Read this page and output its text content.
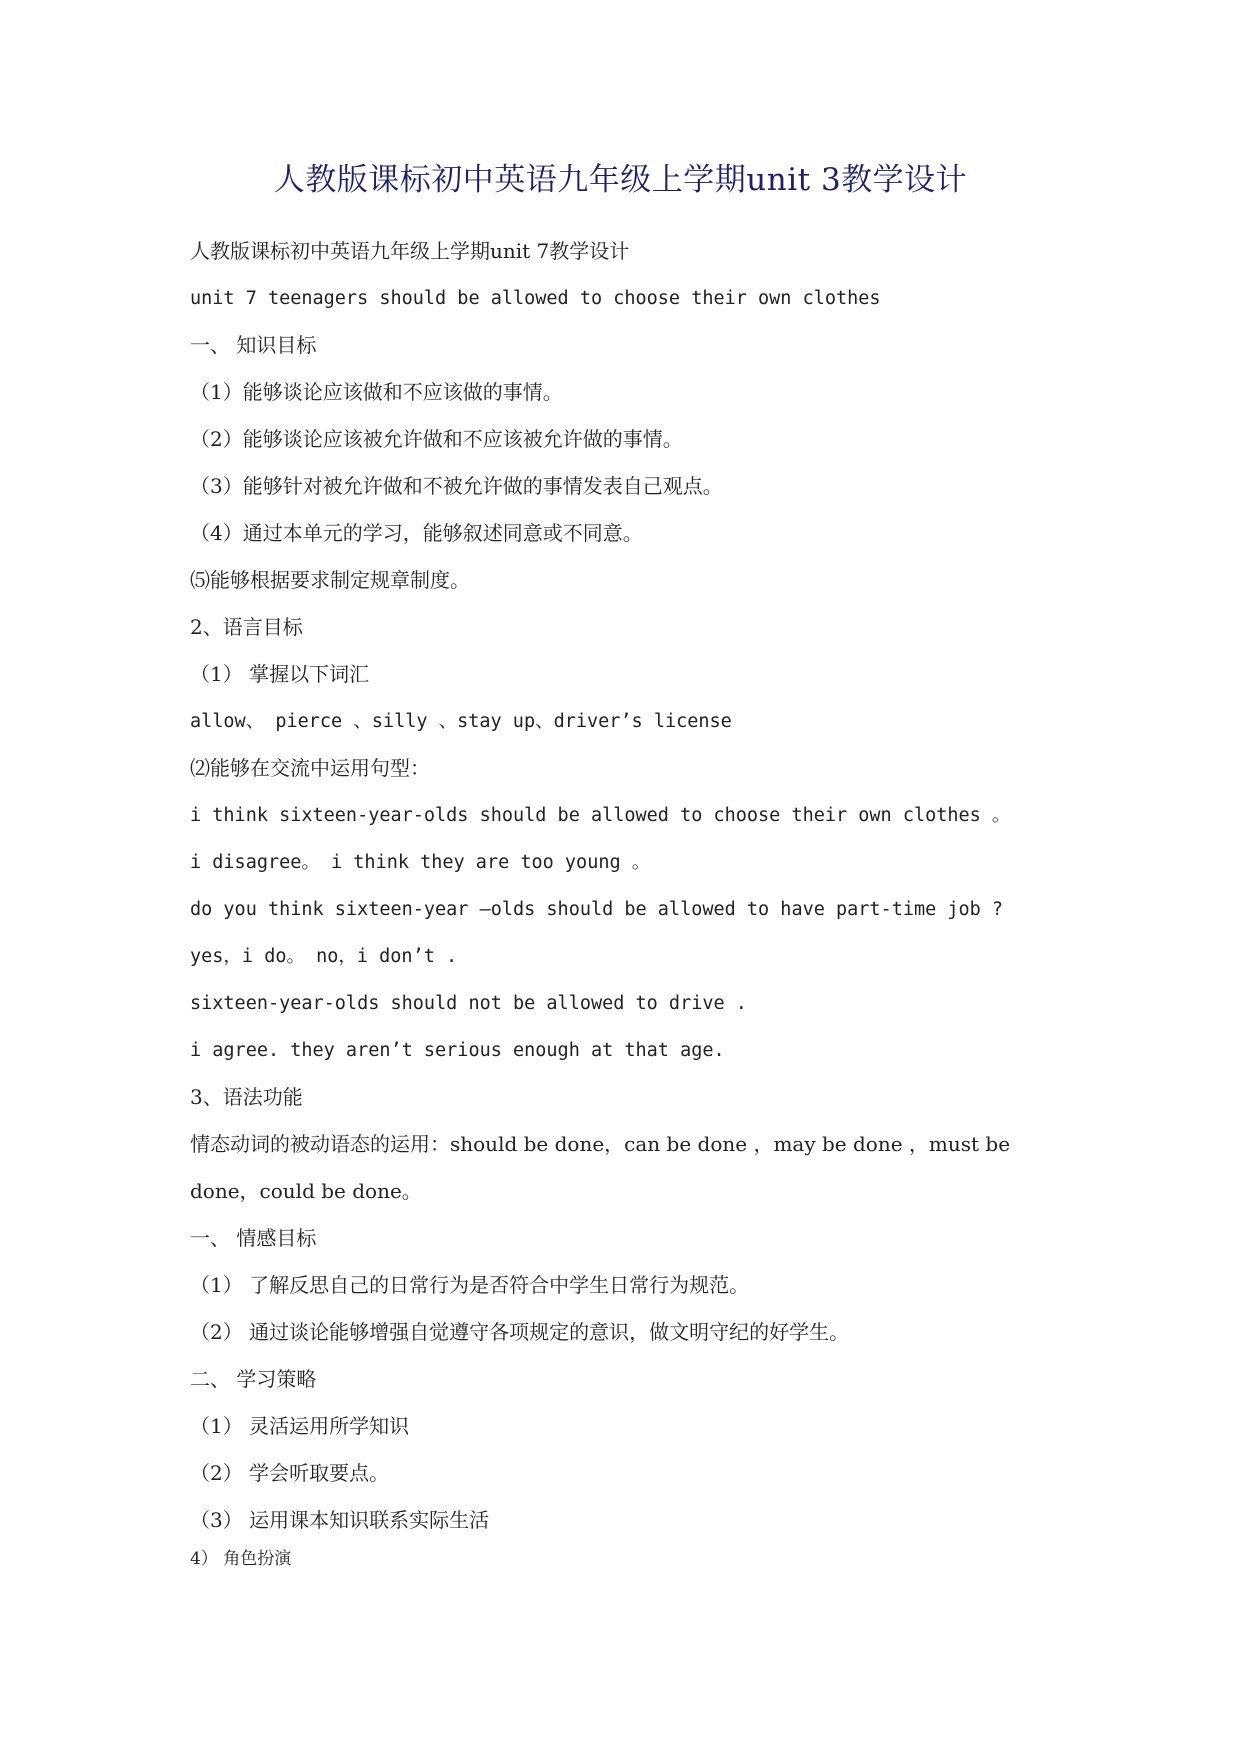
人教版课标初中英语九年级上学期unit 3教学设计
人教版课标初中英语九年级上学期unit 7教学设计
unit 7 teenagers should be allowed to choose their own clothes
一、 知识目标
（1）能够谈论应该做和不应该做的事情。
（2）能够谈论应该被允许做和不应该被允许做的事情。
（3）能够针对被允许做和不被允许做的事情发表自己观点。
（4）通过本单元的学习，能够叙述同意或不同意。
⑸能够根据要求制定规章制度。
2、语言目标
（1） 掌握以下词汇
allow、 pierce 、silly 、stay up、driver’s license
⑵能够在交流中运用句型：
i think sixteen-year-olds should be allowed to choose their own clothes 。
i disagree。 i think they are too young 。
do you think sixteen-year –olds should be allowed to have part-time job ?
yes，i do。 no，i don’t .
sixteen-year-olds should not be allowed to drive .
i agree. they aren’t serious enough at that age.
3、语法功能
情态动词的被动语态的运用：should be done，can be done ，may be done ，must be
done，could be done。
一、 情感目标
（1） 了解反思自己的日常行为是否符合中学生日常行为规范。
（2） 通过谈论能够增强自觉遵守各项规定的意识，做文明守纪的好学生。
二、 学习策略
（1） 灵活运用所学知识
（2） 学会听取要点。
（3） 运用课本知识联系实际生活
4） 角色扮演
